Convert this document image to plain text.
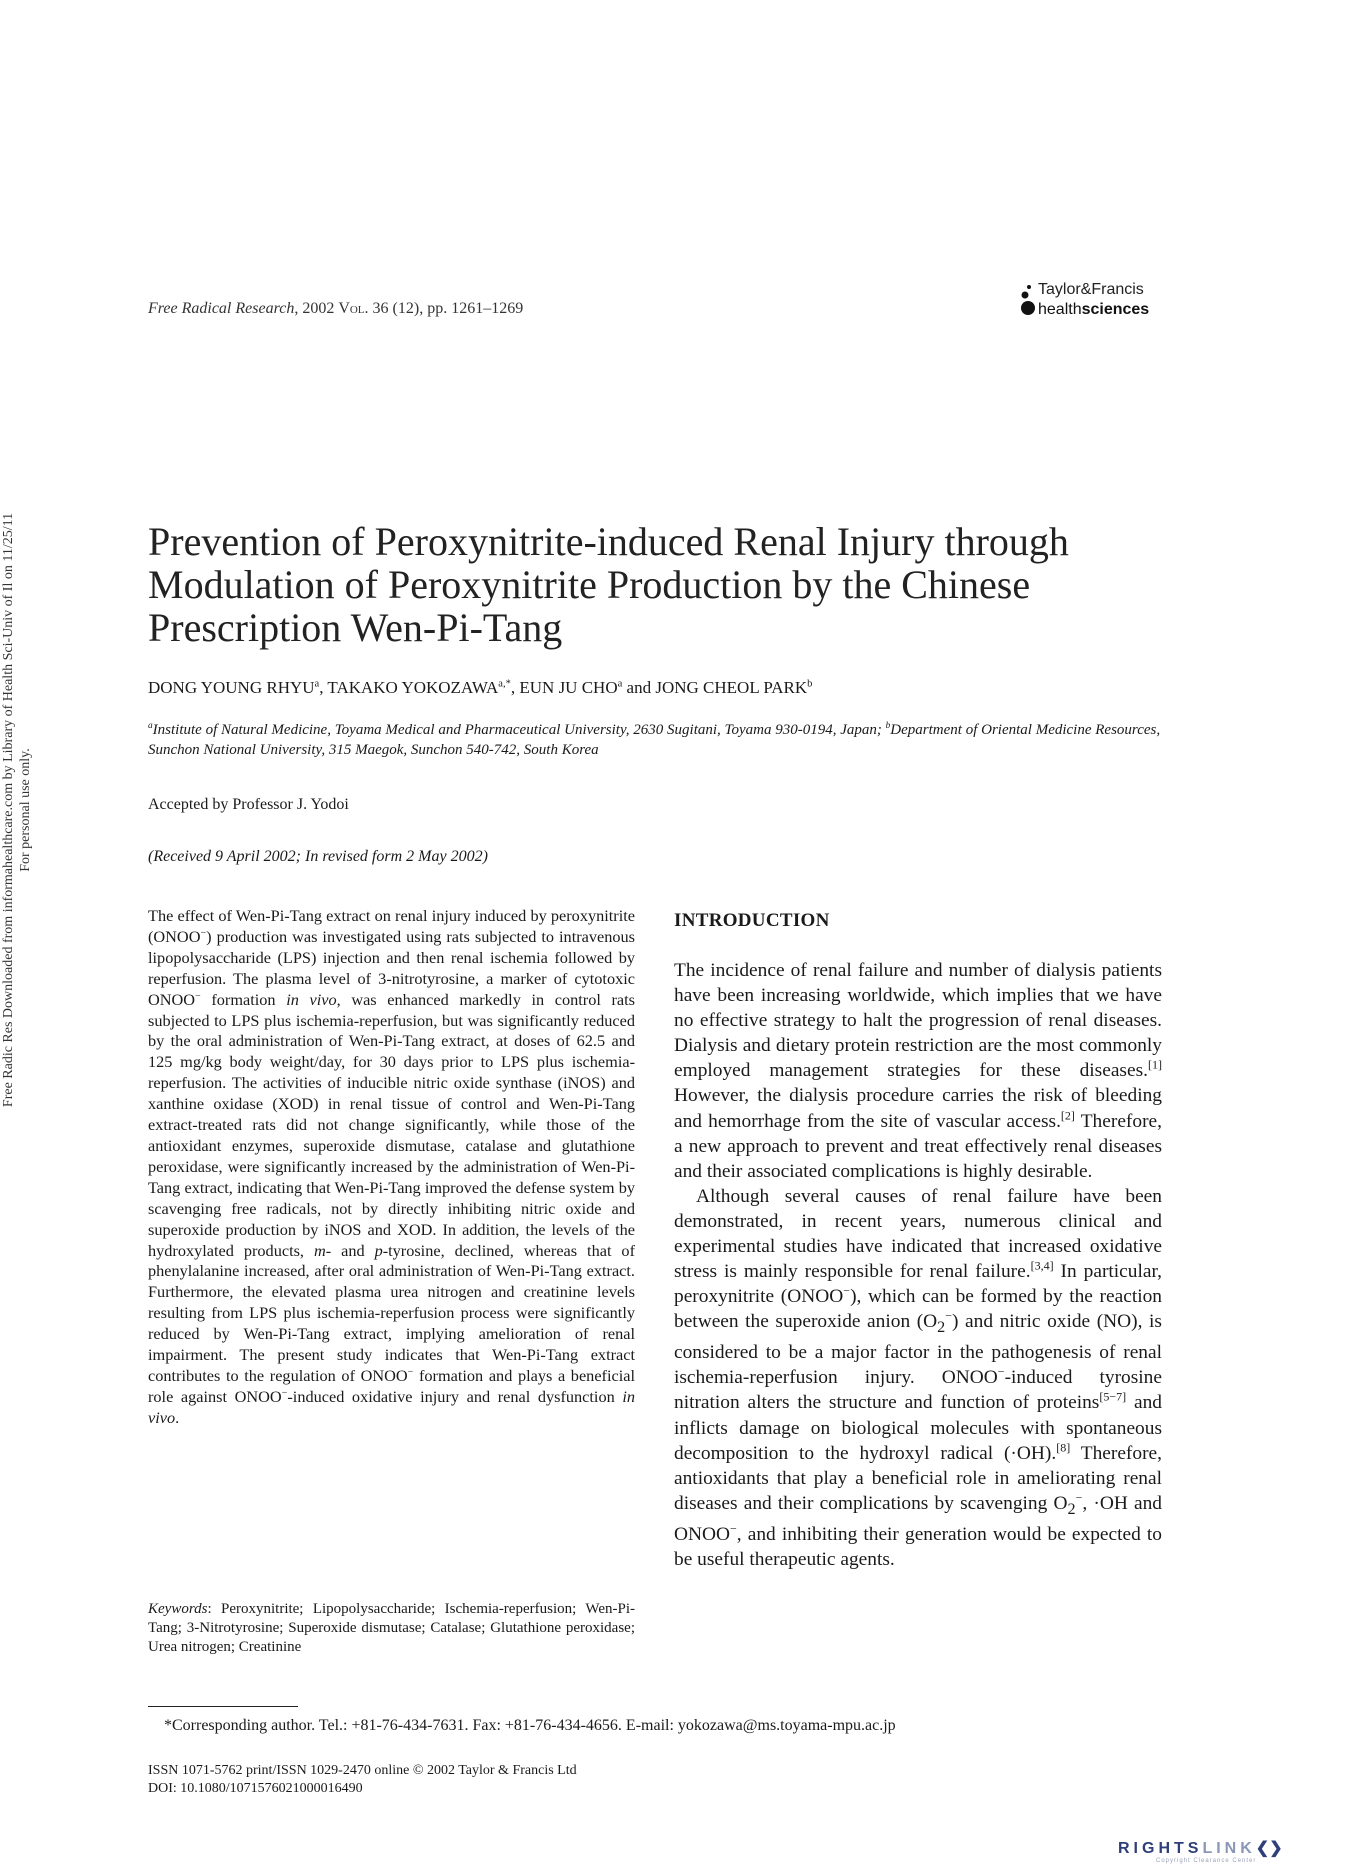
Free Radical Research, 2002 Vol. 36 (12), pp. 1261–1269
Taylor&Francis
healthsciences
Free Radic Res Downloaded from informahealthcare.com by Library of Health Sci-Univ of Il on 11/25/11 For personal use only.
Prevention of Peroxynitrite-induced Renal Injury through
Modulation of Peroxynitrite Production by the Chinese
Prescription Wen-Pi-Tang
DONG YOUNG RHYU$^a$, TAKAKO $YOKOZAWA^{a,*}$, EUN JU CHO$^a$ and JONG CHEOL PARK$^b$
$^a$Institute of Natural Medicine, Toyama Medical and Pharmaceutical University, 2630 Sugitani, Toyama 930-0194, Japan; $^b$Department of Oriental Medicine Resources, Sunchon National University, 315 Maegok, Sunchon 540-742, South Korea
Accepted by Professor J. Yodoi
(Received 9 April 2002; In revised form 2 May 2002)
The effect of Wen-Pi-Tang extract on renal injury induced by peroxynitrite (ONOO−) production was investigated using rats subjected to intravenous lipopolysaccharide (LPS) injection and then renal ischemia followed by reperfusion. The plasma level of 3-nitrotyrosine, a marker of cytotoxic ONOO− formation in vivo, was enhanced markedly in control rats subjected to LPS plus ischemia-reperfusion, but was significantly reduced by the oral administration of Wen-Pi-Tang extract, at doses of 62.5 and 125 mg/kg body weight/day, for 30 days prior to LPS plus ischemia-reperfusion. The activities of inducible nitric oxide synthase (iNOS) and xanthine oxidase (XOD) in renal tissue of control and Wen-Pi-Tang extract-treated rats did not change significantly, while those of the antioxidant enzymes, superoxide dismutase, catalase and glutathione peroxidase, were significantly increased by the administration of Wen-Pi-Tang extract, indicating that Wen-Pi-Tang improved the defense system by scavenging free radicals, not by directly inhibiting nitric oxide and superoxide production by iNOS and XOD. In addition, the levels of the hydroxylated products, m- and p-tyrosine, declined, whereas that of phenylalanine increased, after oral administration of Wen-Pi-Tang extract. Furthermore, the elevated plasma urea nitrogen and creatinine levels resulting from LPS plus ischemia-reperfusion process were significantly reduced by Wen-Pi-Tang extract, implying amelioration of renal impairment. The present study indicates that Wen-Pi-Tang extract contributes to the regulation of ONOO− formation and plays a beneficial role against ONOO−-induced oxidative injury and renal dysfunction in vivo.
Keywords: Peroxynitrite; Lipopolysaccharide; Ischemia-reperfusion; Wen-Pi-Tang; 3-Nitrotyrosine; Superoxide dismutase; Catalase; Glutathione peroxidase; Urea nitrogen; Creatinine
INTRODUCTION

The incidence of renal failure and number of dialysis patients have been increasing worldwide, which implies that we have no effective strategy to halt the progression of renal diseases. Dialysis and dietary protein restriction are the most commonly employed management strategies for these diseases.[1] However, the dialysis procedure carries the risk of bleeding and hemorrhage from the site of vascular access.[2] Therefore, a new approach to prevent and treat effectively renal diseases and their associated complications is highly desirable.

Although several causes of renal failure have been demonstrated, in recent years, numerous clinical and experimental studies have indicated that increased oxidative stress is mainly responsible for renal failure.[3,4] In particular, peroxynitrite (ONOO−), which can be formed by the reaction between the superoxide anion $(O_2^-)$ and nitric oxide (NO), is considered to be a major factor in the pathogenesis of renal ischemia-reperfusion injury. ONOO−-induced tyrosine nitration alters the structure and function of proteins[5−7] and inflicts damage on biological molecules with spontaneous decomposition to the hydroxyl radical (·OH).[8] Therefore, antioxidants that play a beneficial role in ameliorating renal diseases and their complications by scavenging $O_2^-$, ·OH and ONOO−, and inhibiting their generation would be expected to be useful therapeutic agents.

*Corresponding author. Tel.: +81-76-434-7631. Fax: +81-76-434-4656. E-mail: yokozawa@ms.toyama-mpu.ac.jp
ISSN 1071-5762 print/ISSN 1029-2470 online © 2002 Taylor & Francis Ltd
DOI: 10.1080/1071576021000016490
RIGHTSLINK❮❯
Copyright Clearance Center
